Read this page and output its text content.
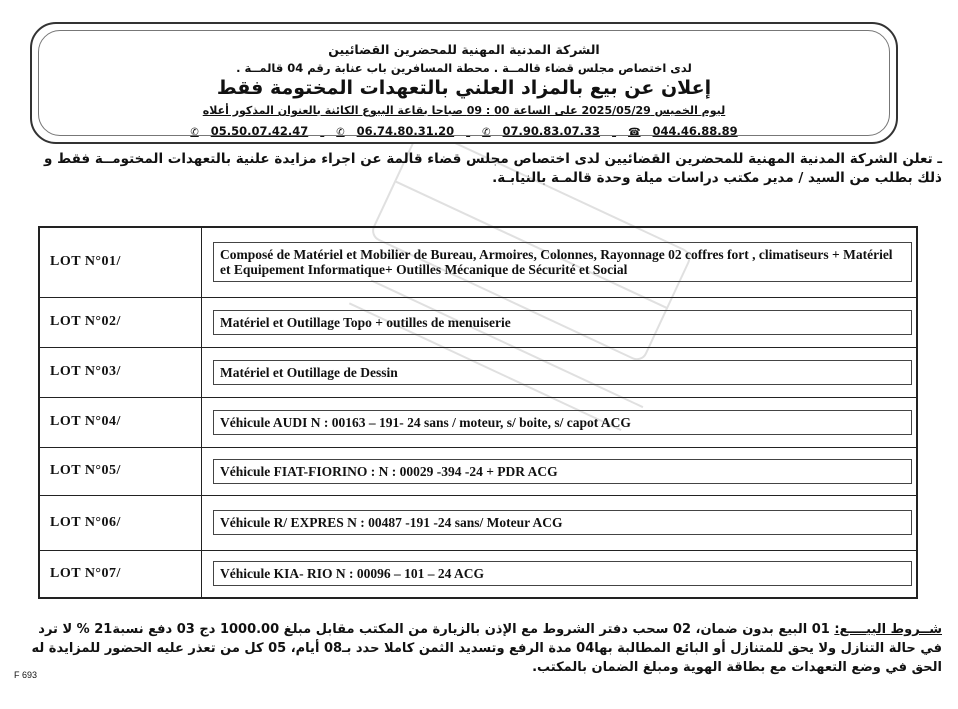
الشركة المدنية المهنية للمحضرين القضائيين
لدى اختصاص مجلس قضاء قالمــة . محطة المسافرين باب عنابة رقم 04 قالمــة .
إعلان عن بيع بالمزاد العلني بالتعهدات المختومة فقط
ليوم الخميس 2025/05/29 على الساعة 00 : 09 صباحا بقاعة البيوع الكائنة بالعنوان المذكور أعلاه
✆ 05.50.07.42.47	✆ 06.74.80.31.20	✆ 07.90.83.07.33	☎ 044.46.88.89
ـ تعلن الشركة المدنية المهنية للمحضرين القضائيين لدى اختصاص مجلس قضاء قالمة عن اجراء مزايدة علنية بالتعهدات المختومــة فقط و ذلك بطلب من السيد / مدير مكتب دراسات ميلة وحدة قالمـة بالنيابـة.
LOT N°01/	Composé de Matériel et Mobilier de Bureau, Armoires, Colonnes, Rayonnage 02 coffres fort , climatiseurs + Matériel et Equipement Informatique+ Outilles Mécanique de Sécurité et Social

LOT N°02/	Matériel et Outillage Topo + outilles de menuiserie

LOT N°03/	Matériel et Outillage de Dessin

LOT N°04/	Véhicule AUDI N : 00163 – 191- 24 sans / moteur, s/ boite, s/ capot ACG

LOT N°05/	Véhicule FIAT-FIORINO : N : 00029 -394 -24 + PDR ACG

LOT N°06/	Véhicule R/ EXPRES N : 00487 -191 -24 sans/ Moteur ACG

LOT N°07/	Véhicule KIA- RIO N : 00096 – 101 – 24 ACG
شــروط البيــــع: 01 البيع بدون ضمان، 02 سحب دفتر الشروط مع الإذن بالزيارة من المكتب مقابل مبلغ 1000.00 دج 03 دفع نسبة21 % لا ترد في حالة التنازل ولا يحق للمتنازل أو البائع المطالبة بها04 مدة الرفع وتسديد الثمن كاملا حدد بـ08 أيام، 05 كل من تعذر عليه الحضور للمزايدة له الحق في وضع التعهدات مع بطاقة الهوية ومبلغ الضمان بالمكتب.
F 693
